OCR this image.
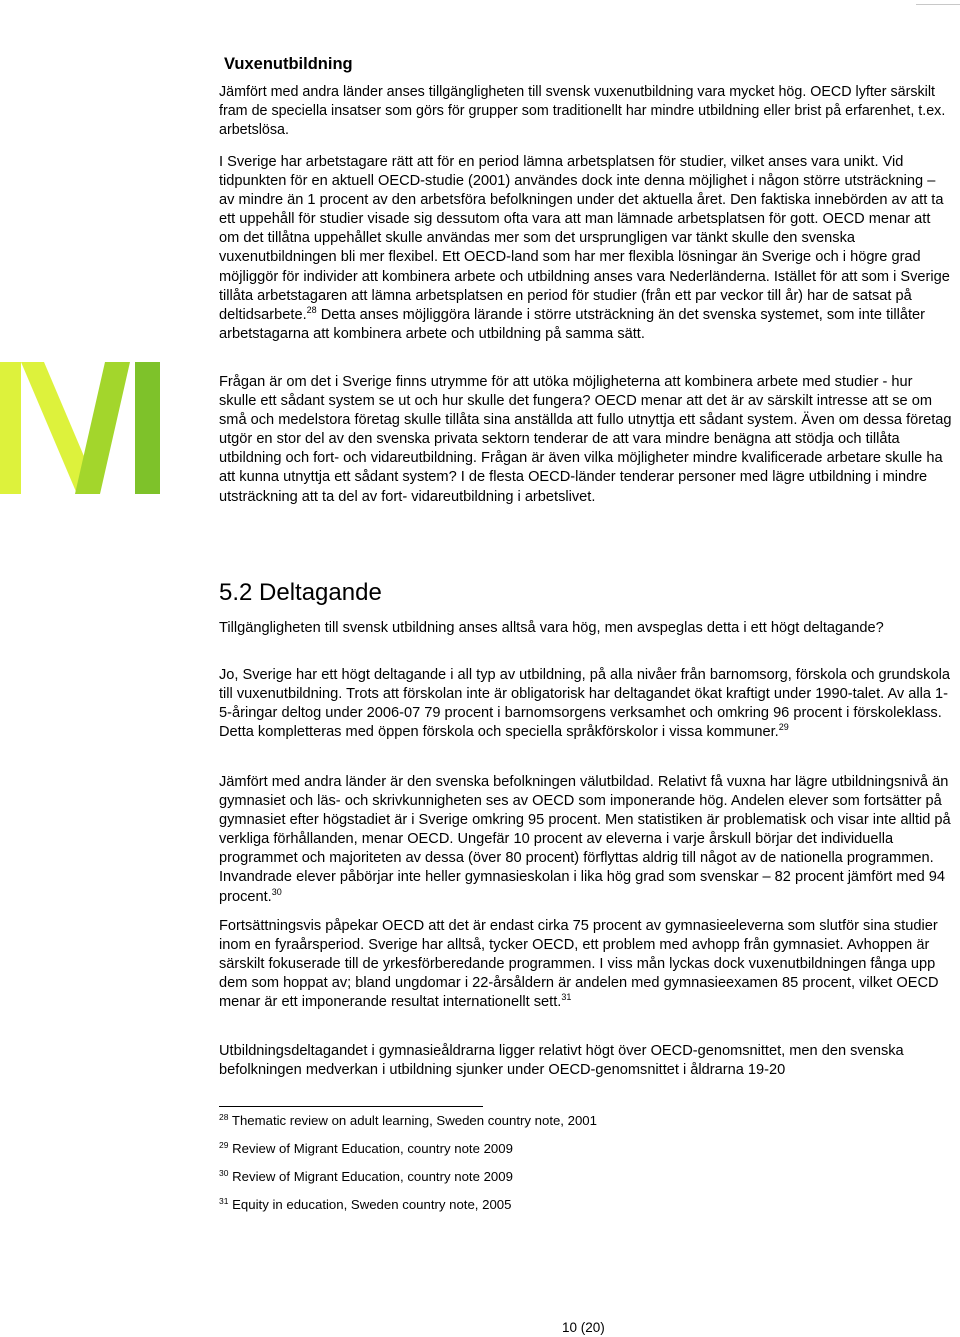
Vuxenutbildning

Jämfört med andra länder anses tillgängligheten till svensk vuxenutbildning vara mycket hög. OECD lyfter särskilt fram de speciella insatser som görs för grupper som traditionellt har mindre utbildning eller brist på erfarenhet, t.ex. arbetslösa.

I Sverige har arbetstagare rätt att för en period lämna arbetsplatsen för studier, vilket anses vara unikt. Vid tidpunkten för en aktuell OECD-studie (2001) användes dock inte denna möjlighet i någon större utsträckning – av mindre än 1 procent av den arbetsföra befolkningen under det aktuella året. Den faktiska innebörden av att ta ett uppehåll för studier visade sig dessutom ofta vara att man lämnade arbetsplatsen för gott. OECD menar att om det tillåtna uppehållet skulle användas mer som det ursprungligen var tänkt skulle den svenska vuxenutbildningen bli mer flexibel. Ett OECD-land som har mer flexibla lösningar än Sverige och i högre grad möjliggör för individer att kombinera arbete och utbildning anses vara Nederländerna. Istället för att som i Sverige tillåta arbetstagaren att lämna arbetsplatsen en period för studier (från ett par veckor till år) har de satsat på deltidsarbete.$^{28}$ Detta anses möjliggöra lärande i större utsträckning än det svenska systemet, som inte tillåter arbetstagarna att kombinera arbete och utbildning på samma sätt.

Frågan är om det i Sverige finns utrymme för att utöka möjligheterna att kombinera arbete med studier - hur skulle ett sådant system se ut och hur skulle det fungera? OECD menar att det är av särskilt intresse att se om små och medelstora företag skulle tillåta sina anställda att fullo utnyttja ett sådant system. Även om dessa företag utgör en stor del av den svenska privata sektorn tenderar de att vara mindre benägna att stödja och tillåta utbildning och fort- och vidareutbildning. Frågan är även vilka möjligheter mindre kvalificerade arbetare skulle ha att kunna utnyttja ett sådant system? I de flesta OECD-länder tenderar personer med lägre utbildning i mindre utsträckning att ta del av fort- vidareutbildning i arbetslivet.

5.2 Deltagande

Tillgängligheten till svensk utbildning anses alltså vara hög, men avspeglas detta i ett högt deltagande?

Jo, Sverige har ett högt deltagande i all typ av utbildning, på alla nivåer från barnomsorg, förskola och grundskola till vuxenutbildning. Trots att förskolan inte är obligatorisk har deltagandet ökat kraftigt under 1990-talet. Av alla 1-5-åringar deltog under 2006-07 79 procent i barnomsorgens verksamhet och omkring 96 procent i förskoleklass. Detta kompletteras med öppen förskola och speciella språkförskolor i vissa kommuner.$^{29}$

Jämfört med andra länder är den svenska befolkningen välutbildad. Relativt få vuxna har lägre utbildningsnivå än gymnasiet och läs- och skrivkunnigheten ses av OECD som imponerande hög. Andelen elever som fortsätter på gymnasiet efter högstadiet är i Sverige omkring 95 procent. Men statistiken är problematisk och visar inte alltid på verkliga förhållanden, menar OECD. Ungefär 10 procent av eleverna i varje årskull börjar det individuella programmet och majoriteten av dessa (över 80 procent) förflyttas aldrig till något av de nationella programmen. Invandrade elever påbörjar inte heller gymnasieskolan i lika hög grad som svenskar – 82 procent jämfört med 94 procent.$^{30}$

Fortsättningsvis påpekar OECD att det är endast cirka 75 procent av gymnasieeleverna som slutför sina studier inom en fyraårsperiod. Sverige har alltså, tycker OECD, ett problem med avhopp från gymnasiet. Avhoppen är särskilt fokuserade till de yrkesförberedande programmen. I viss mån lyckas dock vuxenutbildningen fånga upp dem som hoppat av; bland ungdomar i 22-årsåldern är andelen med gymnasieexamen 85 procent, vilket OECD menar är ett imponerande resultat internationellt sett.$^{31}$

Utbildningsdeltagandet i gymnasieåldrarna ligger relativt högt över OECD-genomsnittet, men den svenska befolkningen medverkan i utbildning sjunker under OECD-genomsnittet i åldrarna 19-20

$^{28}$ Thematic review on adult learning, Sweden country note, 2001
$^{29}$ Review of Migrant Education, country note 2009
$^{30}$ Review of Migrant Education, country note 2009
$^{31}$ Equity in education, Sweden country note, 2005
10 (20)
